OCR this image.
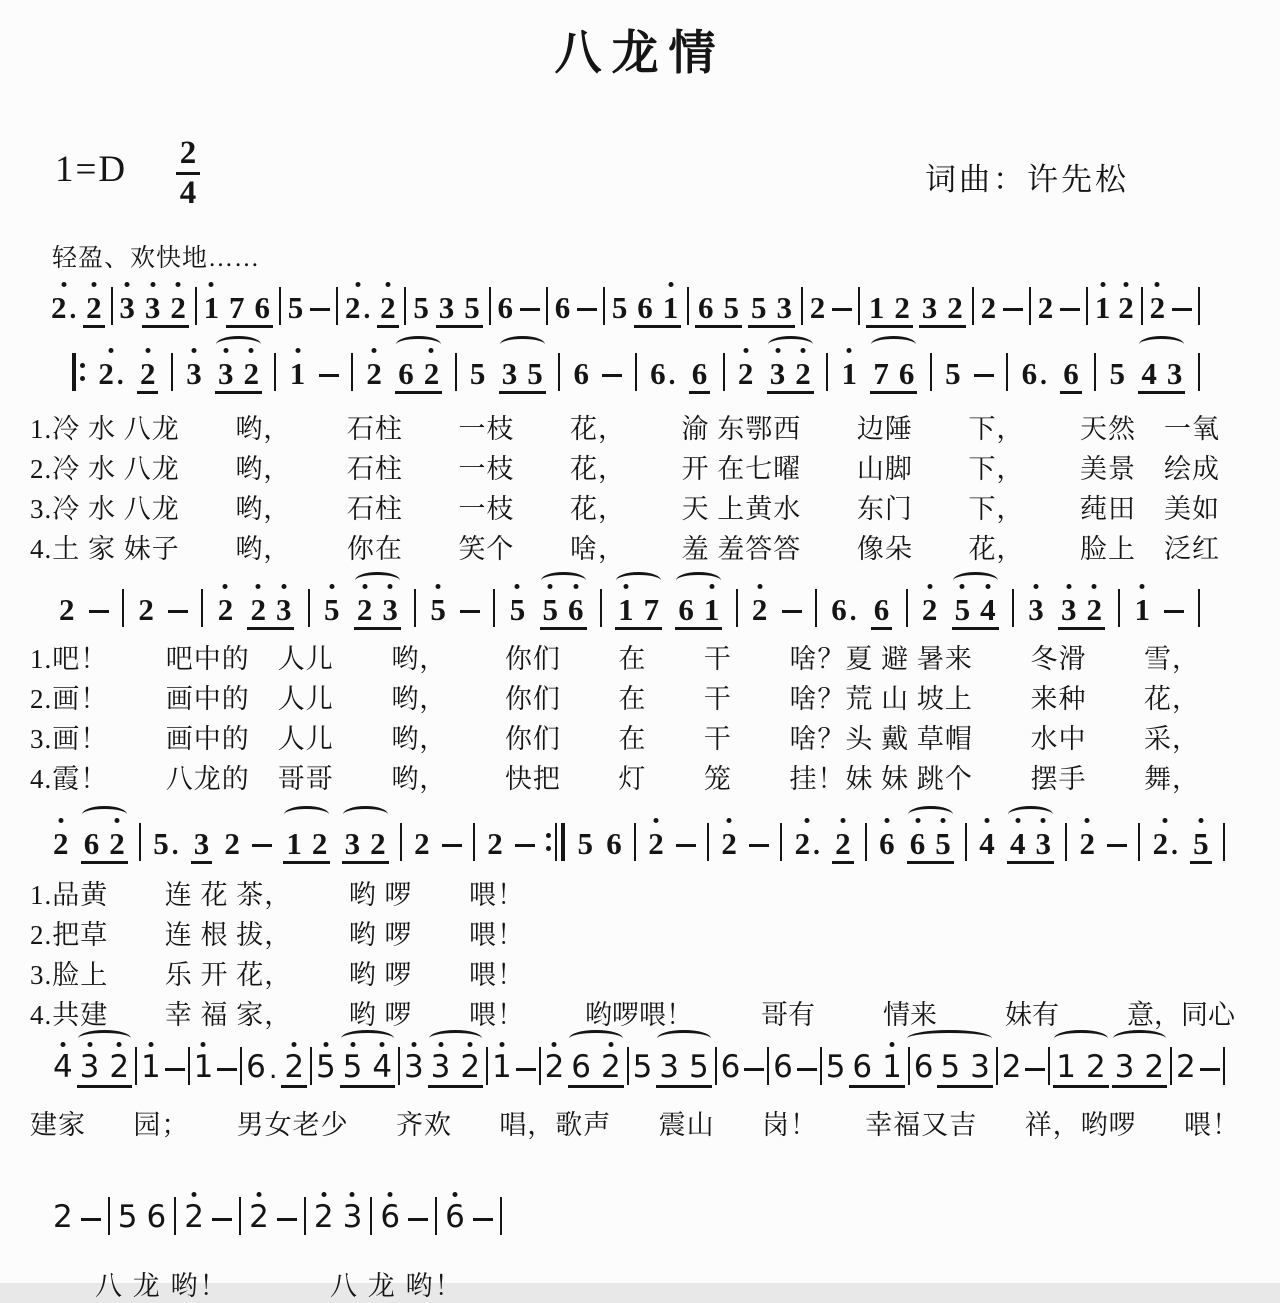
八龙情
1=D 2
4	词曲：许先松
轻盈、欢快地……
2 . 2 3 3 2 1 7 6 5 2 . 2 5 3 5 6 6 5 6 1 6 5 5 3 2 1 2 3 2 2 2 1 2 2
2 . 2 3 3 2 1 2 6 2 5 3 5 6 6 . 6 2 3 2 1 7 6 5 6 . 6 5 4 3
1.冷 水 八龙 哟， 石柱 一枝 花， 渝 东鄂西 边陲 下， 天然　一氧
2.冷 水 八龙 哟， 石柱 一枝 花， 开 在七曜 山脚 下， 美景　绘成
3.冷 水 八龙 哟， 石柱 一枝 花， 天 上黄水 东门 下， 莼田　美如
4.土 家 妹子 哟， 你在 笑个 啥， 羞 羞答答 像朵 花， 脸上　泛红
2 2 2 2 3 5 2 3 5 5 5 6 1 7 6 1 2 6 . 6 2 5 4 3 3 2 1
1.吧！ 吧中的　人儿 哟， 你们 在 干 啥？夏 避 暑来 冬滑 雪，
2.画！ 画中的　人儿 哟， 你们 在 干 啥？荒 山 坡上 来种 花，
3.画！ 画中的　人儿 哟， 你们 在 干 啥？头 戴 草帽 水中 采，
4.霞！ 八龙的　哥哥 哟， 快把 灯 笼 挂！妹 妹 跳个 摆手 舞，
2 6 2 5 . 3 2 1 2 3 2 2 2 5 6 2 2 2 . 2 6 6 5 4 4 3 2 2 . 5
1.品黄 连 花 茶， 哟 啰 喂！
2.把草 连 根 拔， 哟 啰 喂！
3.脸上 乐 开 花， 哟 啰 喂！
4.共建 幸 福 家， 哟 啰 喂！ 哟啰喂！	哥有	情来	妹有	意，同心
4 3 2 1 1 6 . 2 5 5 4 3 3 2 1 2 6 2 5 3 5 6 6 5 6 1 6 5 3 2 1 2 3 2 2
建家 园； 男女老少 齐欢 唱，歌声 震山 岗！ 幸福又吉 祥，哟啰 喂！
2 5 6 2 2 2 3 6 6
八 龙 哟！	八 龙 哟！
